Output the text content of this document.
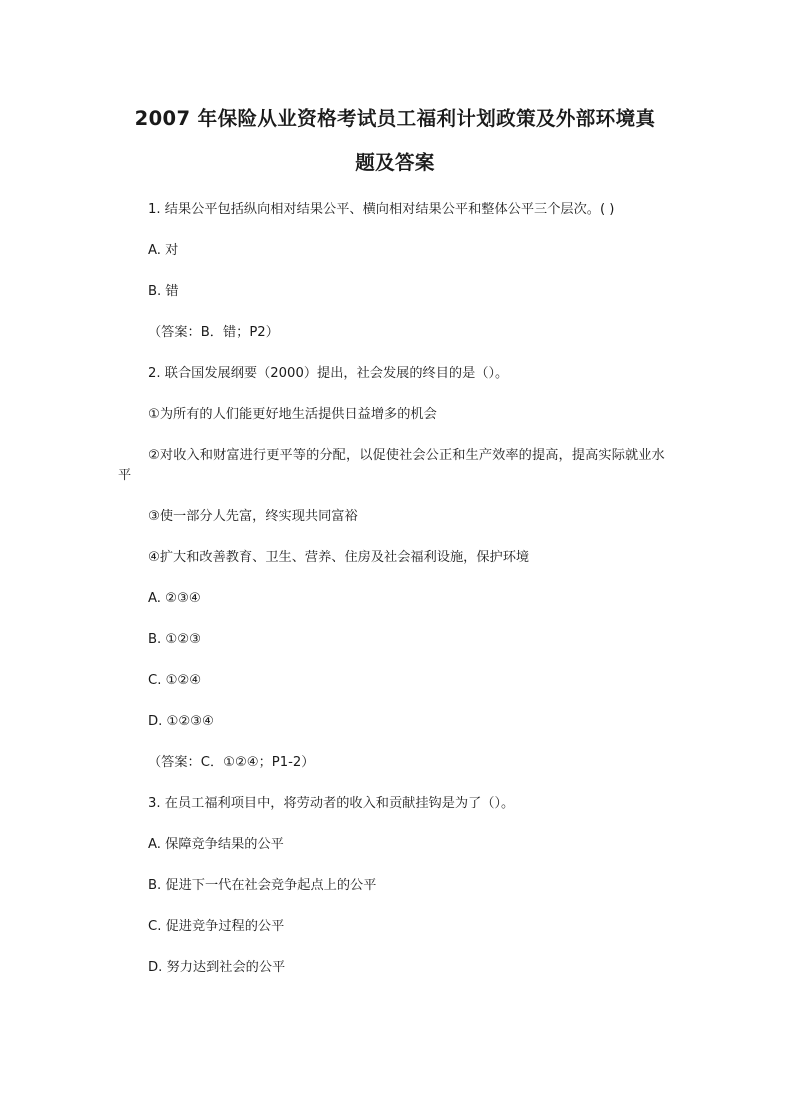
2007 年保险从业资格考试员工福利计划政策及外部环境真
题及答案

1. 结果公平包括纵向相对结果公平、横向相对结果公平和整体公平三个层次。( )

A. 对

B. 错

（答案：B．错；P2）

2. 联合国发展纲要（2000）提出，社会发展的终目的是（）。

①为所有的人们能更好地生活提供日益增多的机会

②对收入和财富进行更平等的分配，以促使社会公正和生产效率的提高，提高实际就业水平

③使一部分人先富，终实现共同富裕

④扩大和改善教育、卫生、营养、住房及社会福利设施，保护环境

A. ②③④

B. ①②③

C. ①②④

D. ①②③④

（答案：C．①②④；P1-2）

3. 在员工福利项目中，将劳动者的收入和贡献挂钩是为了（）。

A. 保障竞争结果的公平

B. 促进下一代在社会竞争起点上的公平

C. 促进竞争过程的公平

D. 努力达到社会的公平
